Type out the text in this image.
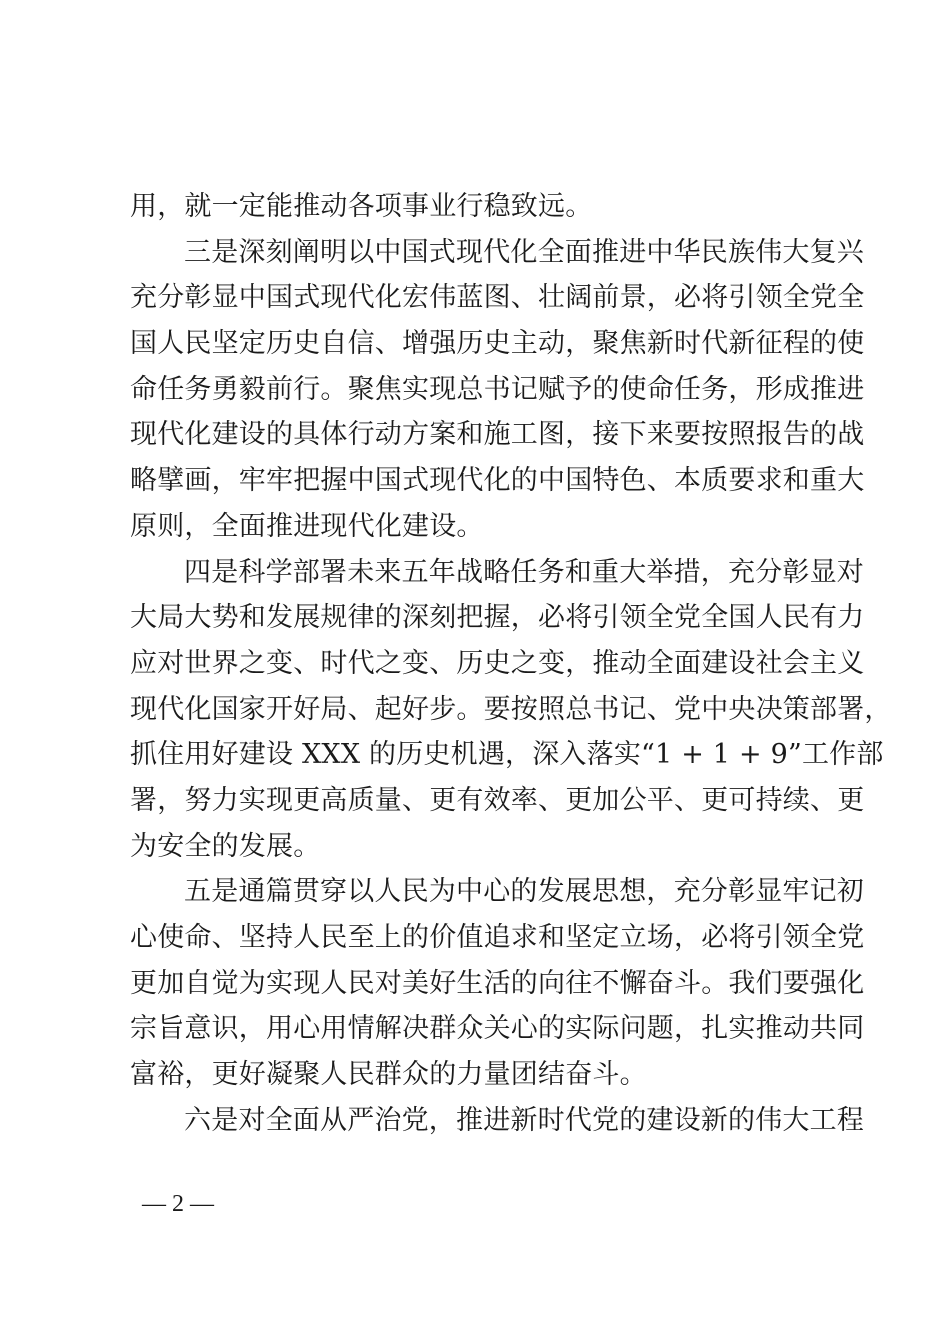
用，就一定能推动各项事业行稳致远。
三是深刻阐明以中国式现代化全面推进中华民族伟大复兴
充分彰显中国式现代化宏伟蓝图、壮阔前景，必将引领全党全
国人民坚定历史自信、增强历史主动，聚焦新时代新征程的使
命任务勇毅前行。聚焦实现总书记赋予的使命任务，形成推进
现代化建设的具体行动方案和施工图，接下来要按照报告的战
略擘画，牢牢把握中国式现代化的中国特色、本质要求和重大
原则，全面推进现代化建设。
四是科学部署未来五年战略任务和重大举措，充分彰显对
大局大势和发展规律的深刻把握，必将引领全党全国人民有力
应对世界之变、时代之变、历史之变，推动全面建设社会主义
现代化国家开好局、起好步。要按照总书记、党中央决策部署，
抓住用好建设 XXX 的历史机遇，深入落实“1 + 1 + 9”工作部
署，努力实现更高质量、更有效率、更加公平、更可持续、更
为安全的发展。
五是通篇贯穿以人民为中心的发展思想，充分彰显牢记初
心使命、坚持人民至上的价值追求和坚定立场，必将引领全党
更加自觉为实现人民对美好生活的向往不懈奋斗。我们要强化
宗旨意识，用心用情解决群众关心的实际问题，扎实推动共同
富裕，更好凝聚人民群众的力量团结奋斗。
六是对全面从严治党，推进新时代党的建设新的伟大工程
— 2 —
